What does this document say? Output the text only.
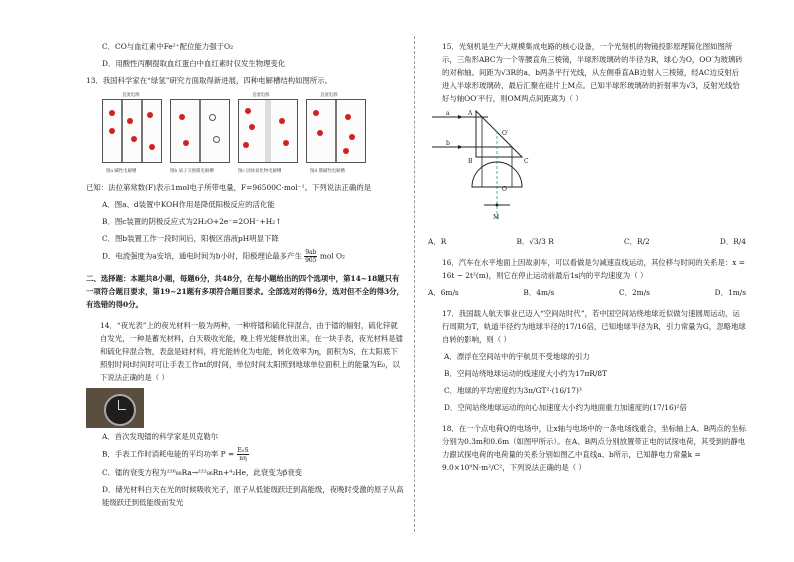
C．CO与血红素中Fe²⁺配位能力强于O₂

D．用酸性丙酮提取血红蛋白中血红素时仅发生物理变化

13．我国科学家在“绿氢”研究方面取得新进展，四种电解槽结构如图所示。

直流电源
图a 碱性电解槽	图b 质子交换膜电解槽
直流电源
图c 固体氧化物电解槽
直流电源
图d 膜碱性电解槽

已知：法拉第常数(F)表示1mol电子所带电量，F=96500C·mol⁻¹。下列说法正确的是

A．图a、d装置中KOH作用是降低阳极反应的活化能

B．图c装置的阴极反应式为2H₂O+2e⁻=2OH⁻+H₂↑

C．图b装置工作一段时间后，阳极区溶液pH明显下降

D．电流强度为a安培，通电时间为b小时，阳极理论最多产生 $\frac{9ab}{965}$ mol O₂

二、选择题：本题共8小题，每题6分，共48分，在每小题给出的四个选项中，第14~18题只有一项符合题目要求，第19~21题有多项符合题目要求。全部选对的得6分，选对但不全的得3分，有选错的得0分。

14．“夜光表”上的夜光材料一般为两种，一种将镭和硫化锌混合，由于镭的辐射，硫化锌就自发光，一种是蓄光材料，白天吸收光能，晚上将光能释放出来，在一块手表，夜光材料是镭和硫化锌混合物，表盘是硅材料，将光能转化为电能，转化效率为η，面积为S，在太阳底下照射时间t时间时可让手表工作nt的时间，单位时间太阳照到地球单位面积上的能量为E₀，以下说法正确的是（ ）

A．首次发现镭的科学家是贝克勒尔

B．手表工作时消耗电能的平均功率 $P = \frac{\text{E₀S}}{n\eta}$

C．镭的衰变方程为²²⁶₈₈Ra→²²²₈₆Rn+⁴₂He，此衰变为β衰变

D．储光材料白天在光的时候吸收光子，原子从低能级跃迁到高能级，夜晚时受激的原子从高能级跃迁到低能级而发光

15．光刻机是生产大规模集成电路的核心设备，一个光刻机的物镜投影原理简化图如图所示，三角形ABC为一个等腰直角三棱镜，半球形玻璃砖的半径为R，球心为O，OO′为玻璃砖的对称轴。间距为√3R的a、b两条平行光线，从左侧垂直AB边射入三棱镜，经AC边反射后进入半球形玻璃砖，最后汇聚在硅片上M点。已知半球形玻璃砖的折射率为√3，反射光线恰好与轴OO′平行，则OM两点间距离为（ ）

a
b
A
B	C
O′
O
M
A．R	B．√3/3 R	C．R/2	D．R/4

16．汽车在水平地面上因故刹车，可以看做是匀减速直线运动，其位移与时间的关系是：x = 16t − 2t²(m)，则它在停止运动前最后1s内的平均速度为（ ）

A．6m/s	B．4m/s	C．2m/s	D．1m/s

17．我国载人航天事业已迈入“空间站时代”，若中国空间站绕地球近似做匀速圆周运动，运行周期为T，轨道半径约为地球半径的17/16倍，已知地球半径为R，引力常量为G，忽略地球自转的影响，则（ ）

A．漂浮在空间站中的宇航员不受地球的引力

B．空间站绕地球运动的线速度大小约为17πR/8T

C．地球的平均密度约为3π/GT²·(16/17)³

D．空间站绕地球运动的向心加速度大小约为地面重力加速度的(17/16)²倍

18．在一个点电荷Q的电场中，让x轴与电场中的一条电场线重合，坐标轴上A、B两点的坐标分别为0.3m和0.6m（如图甲所示）。在A、B两点分别放置带正电的试探电荷，其受到的静电力跟试探电荷的电荷量的关系分别如图乙中直线a、b所示，已知静电力常量k = 9.0×10⁹N·m²/C²，下列说法正确的是（ ）
